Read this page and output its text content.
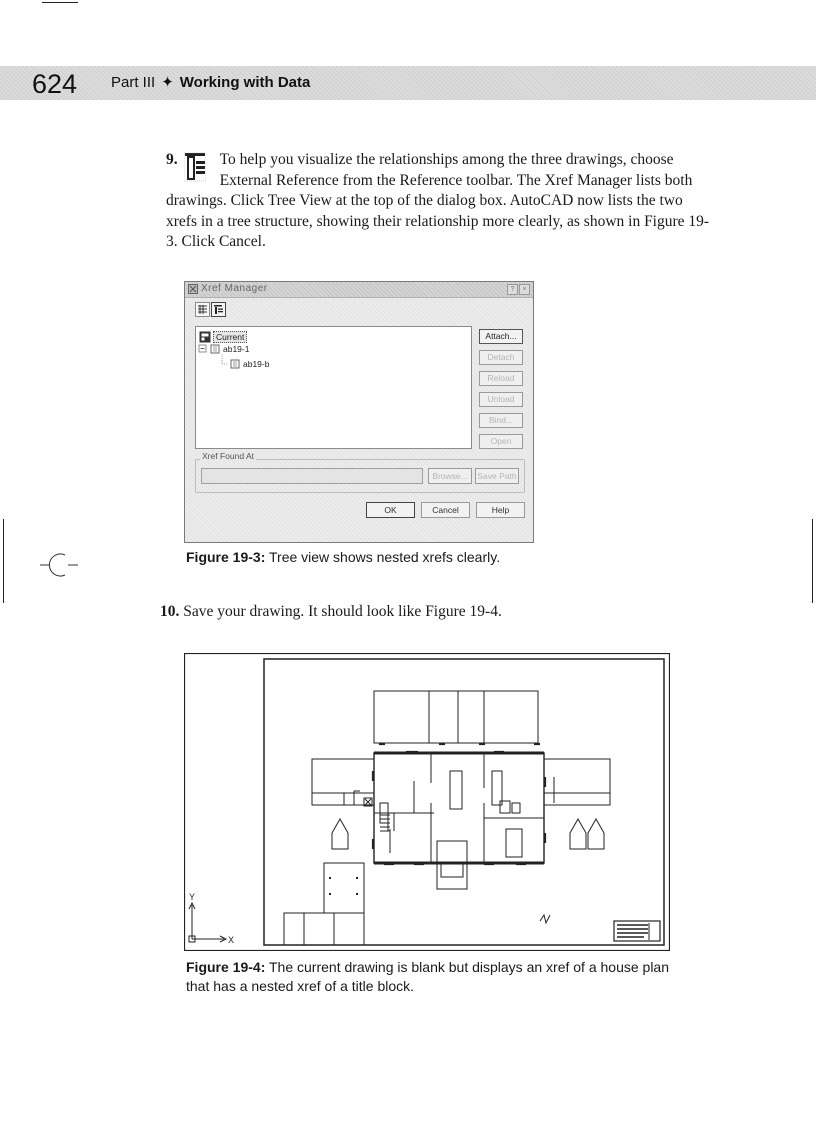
624 Part III ✦ Working with Data
9.	To help you visualize the relationships among the three drawings, choose External Reference from the Reference toolbar. The Xref Manager lists both drawings. Click Tree View at the top of the dialog box. AutoCAD now lists the two xrefs in a tree structure, showing their relationship more clearly, as shown in Figure 19-3. Click Cancel.
Xref Manager	?	×
Current
ab19-1
ab19-b
Attach...
Detach
Reload
Unload
Bind...
Open
Xref Found At
Browse...	Save Path
OK	Cancel	Help
Figure 19-3: Tree view shows nested xrefs clearly.
10. Save your drawing. It should look like Figure 19-4.
Y
X
Figure 19-4: The current drawing is blank but displays an xref of a house plan that has a nested xref of a title block.
